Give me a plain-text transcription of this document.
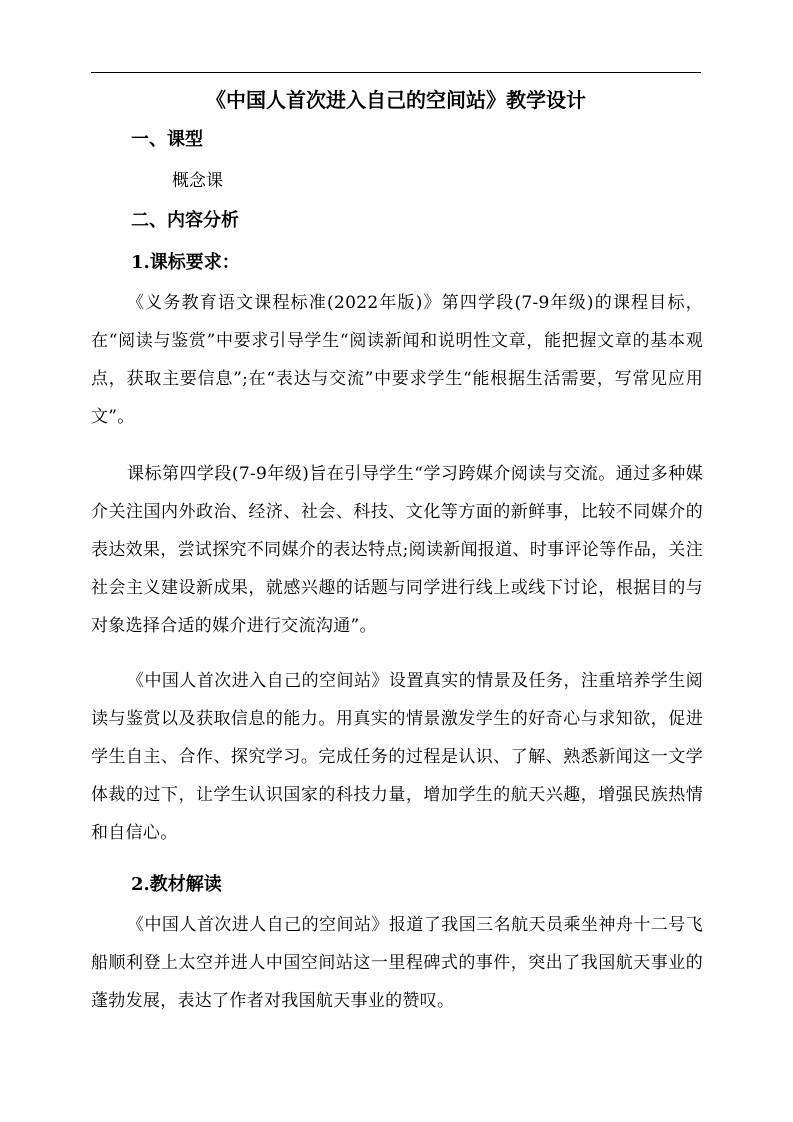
《中国人首次进入自己的空间站》教学设计
一、课型
概念课
二、内容分析
1.课标要求：
《义务教育语文课程标准(2022年版)》第四学段(7-9年级)的课程目标，在“阅读与鉴赏”中要求引导学生“阅读新闻和说明性文章，能把握文章的基本观点，获取主要信息”;在“表达与交流”中要求学生“能根据生活需要，写常见应用文”。
课标第四学段(7-9年级)旨在引导学生“学习跨媒介阅读与交流。通过多种媒介关注国内外政治、经济、社会、科技、文化等方面的新鲜事，比较不同媒介的表达效果，尝试探究不同媒介的表达特点;阅读新闻报道、时事评论等作品，关注社会主义建设新成果，就感兴趣的话题与同学进行线上或线下讨论，根据目的与对象选择合适的媒介进行交流沟通”。
《中国人首次进入自己的空间站》设置真实的情景及任务，注重培养学生阅读与鉴赏以及获取信息的能力。用真实的情景激发学生的好奇心与求知欲，促进学生自主、合作、探究学习。完成任务的过程是认识、了解、熟悉新闻这一文学体裁的过下，让学生认识国家的科技力量，增加学生的航天兴趣，增强民族热情和自信心。
2.教材解读
《中国人首次进人自己的空间站》报道了我国三名航天员乘坐神舟十二号飞船顺利登上太空并进人中国空间站这一里程碑式的事件，突出了我国航天事业的蓬勃发展，表达了作者对我国航天事业的赞叹。
